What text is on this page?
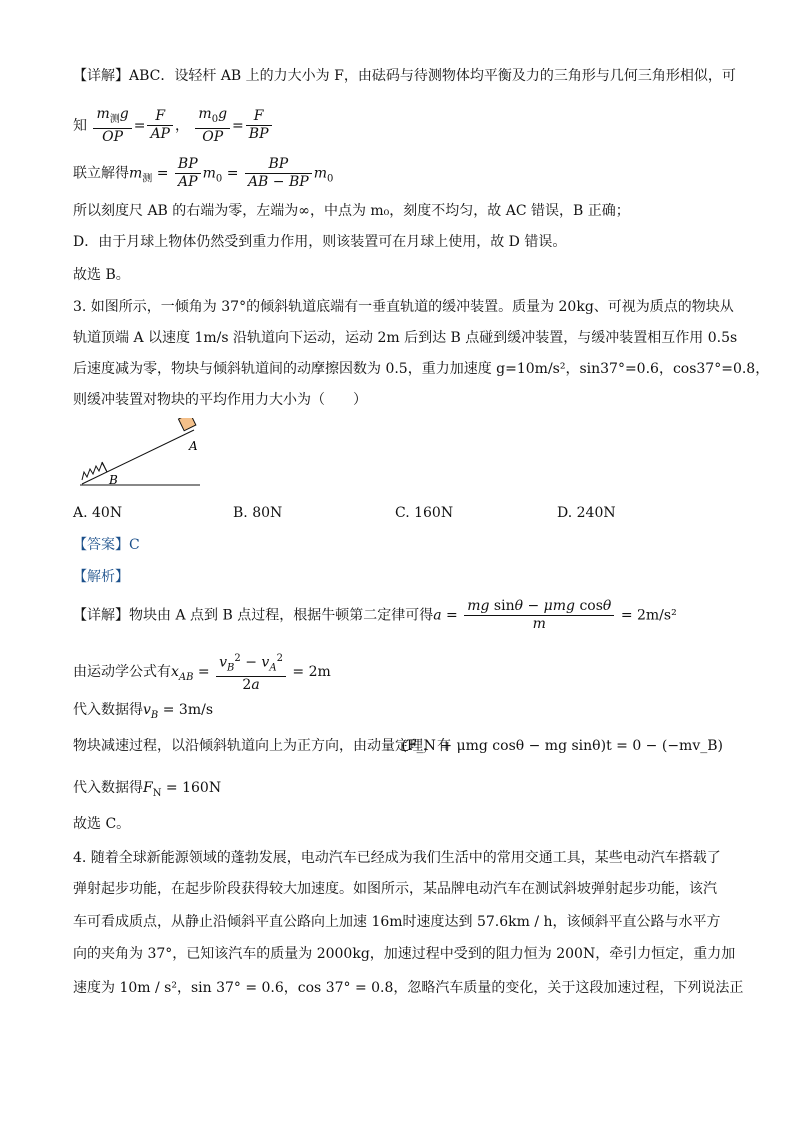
【详解】ABC．设轻杆 AB 上的力大小为 F，由砝码与待测物体均平衡及力的三角形与几何三角形相似，可
知 $\frac{m_测g}{OP} = \frac{F}{AP}$ ， $\frac{m_0g}{OP} = \frac{F}{BP}$
联立解得$m_测 = \frac{BP}{AP} m_0 = \frac{BP}{AB - BP} m_0$
所以刻度尺 AB 的右端为零，左端为∞，中点为 m₀，刻度不均匀，故 AC 错误，B 正确；
D．由于月球上物体仍然受到重力作用，则该装置可在月球上使用，故 D 错误。
故选 B。
3. 如图所示，一倾角为 37°的倾斜轨道底端有一垂直轨道的缓冲装置。质量为 20kg、可视为质点的物块从
轨道顶端 A 以速度 1m/s 沿轨道向下运动，运动 2m 后到达 B 点碰到缓冲装置，与缓冲装置相互作用 0.5s
后速度减为零，物块与倾斜轨道间的动摩擦因数为 0.5，重力加速度 g=10m/s²，sin37°=0.6，cos37°=0.8，
则缓冲装置对物块的平均作用力大小为（　　）
A
B
A. 40N	B. 80N	C. 160N	D. 240N
【答案】C
【解析】
【详解】物块由 A 点到 B 点过程，根据牛顿第二定律可得$a = \frac{\text{mg sinθ − μmg cosθ}}{m} = 2m/s^2$
由运动学公式有$x_{AB} = \frac{v_B^2 - v_A^2}{2a} = 2m$
代入数据得$v_B = 3m/s$
物块减速过程，以沿倾斜轨道向上为正方向，由动量定理，有
(F_N + μmg cosθ − mg sinθ)t = 0 − (−mv_B)
代入数据得$F_N = 160N$
故选 C。
4. 随着全球新能源领域的蓬勃发展，电动汽车已经成为我们生活中的常用交通工具，某些电动汽车搭载了
弹射起步功能，在起步阶段获得较大加速度。如图所示，某品牌电动汽车在测试斜坡弹射起步功能，该汽
车可看成质点，从静止沿倾斜平直公路向上加速 16m时速度达到 57.6km / h，该倾斜平直公路与水平方
向的夹角为 37°，已知该汽车的质量为 2000kg，加速过程中受到的阻力恒为 200N，牵引力恒定，重力加
速度为 10m / s²，sin 37° = 0.6，cos 37° = 0.8，忽略汽车质量的变化，关于这段加速过程，下列说法正
